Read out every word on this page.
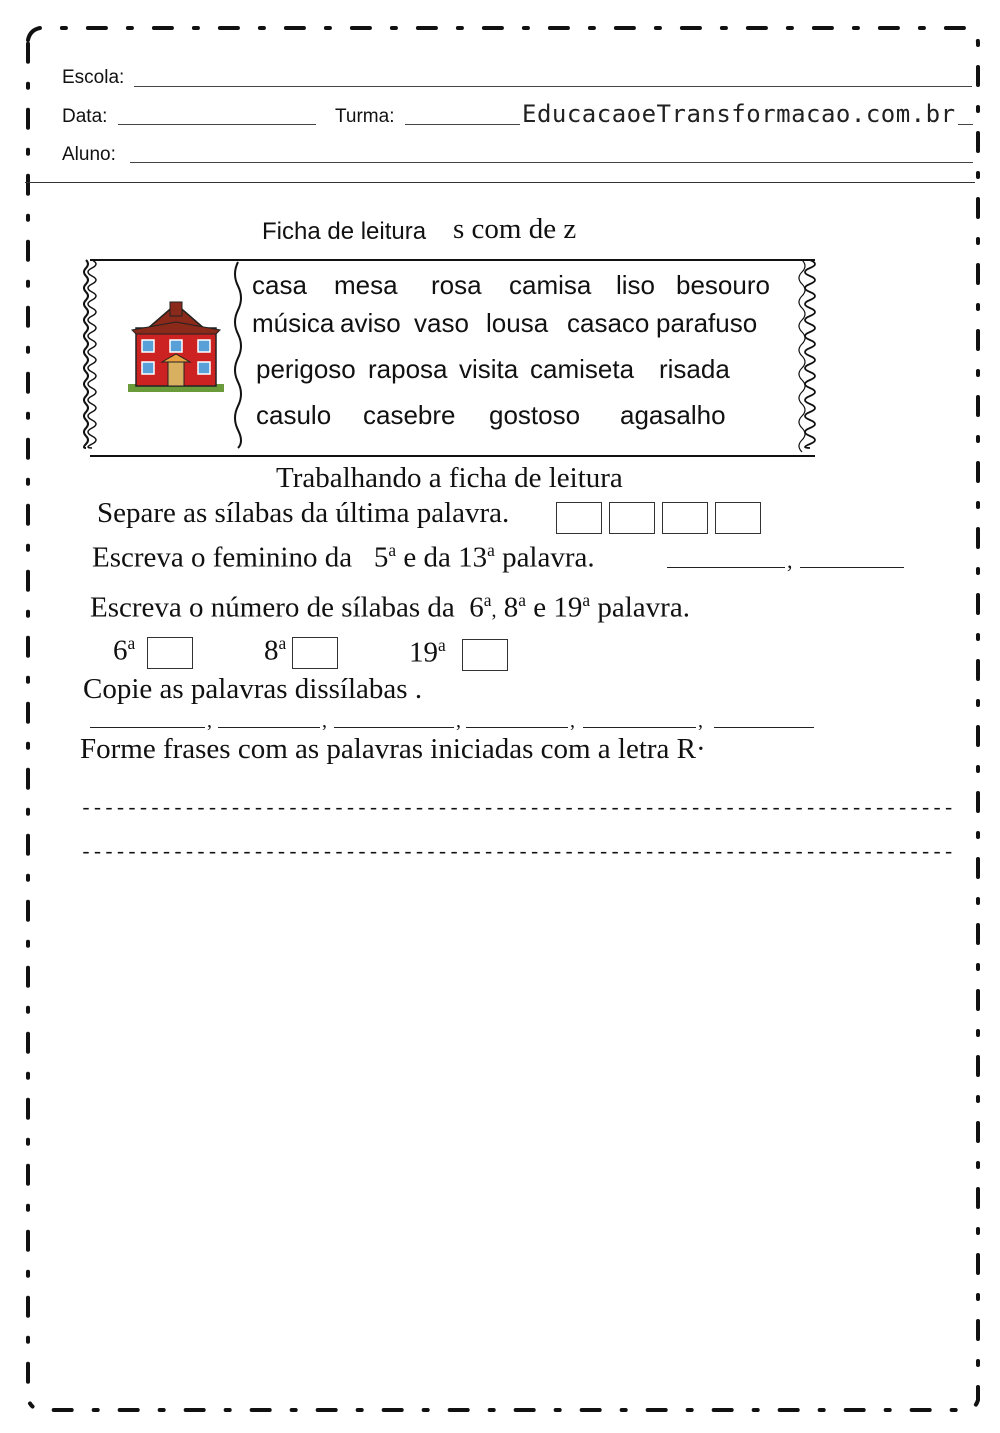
Escola:
Data:	Turma:	EducacaoeTransformacao.com.br
Aluno:
Ficha de leitura s com de z
casa mesa rosa camisa liso besouro
música aviso vaso lousa casaco parafuso
perigoso raposa visita camiseta risada
casulo casebre gostoso agasalho
Trabalhando a ficha de leitura
Separe as sílabas da última palavra.
Escreva o feminino da 5$^a$ e da 13$^a$ palavra.	,
Escreva o número de sílabas da 6$^a$, 8$^a$ e 19$^a$ palavra.
6$^a$	8$^a$	19$^a$
Copie as palavras dissílabas .
,	,	,	,	,
Forme frases com as palavras iniciadas com a letra R·
----------------------------------------------------------------------------
----------------------------------------------------------------------------
